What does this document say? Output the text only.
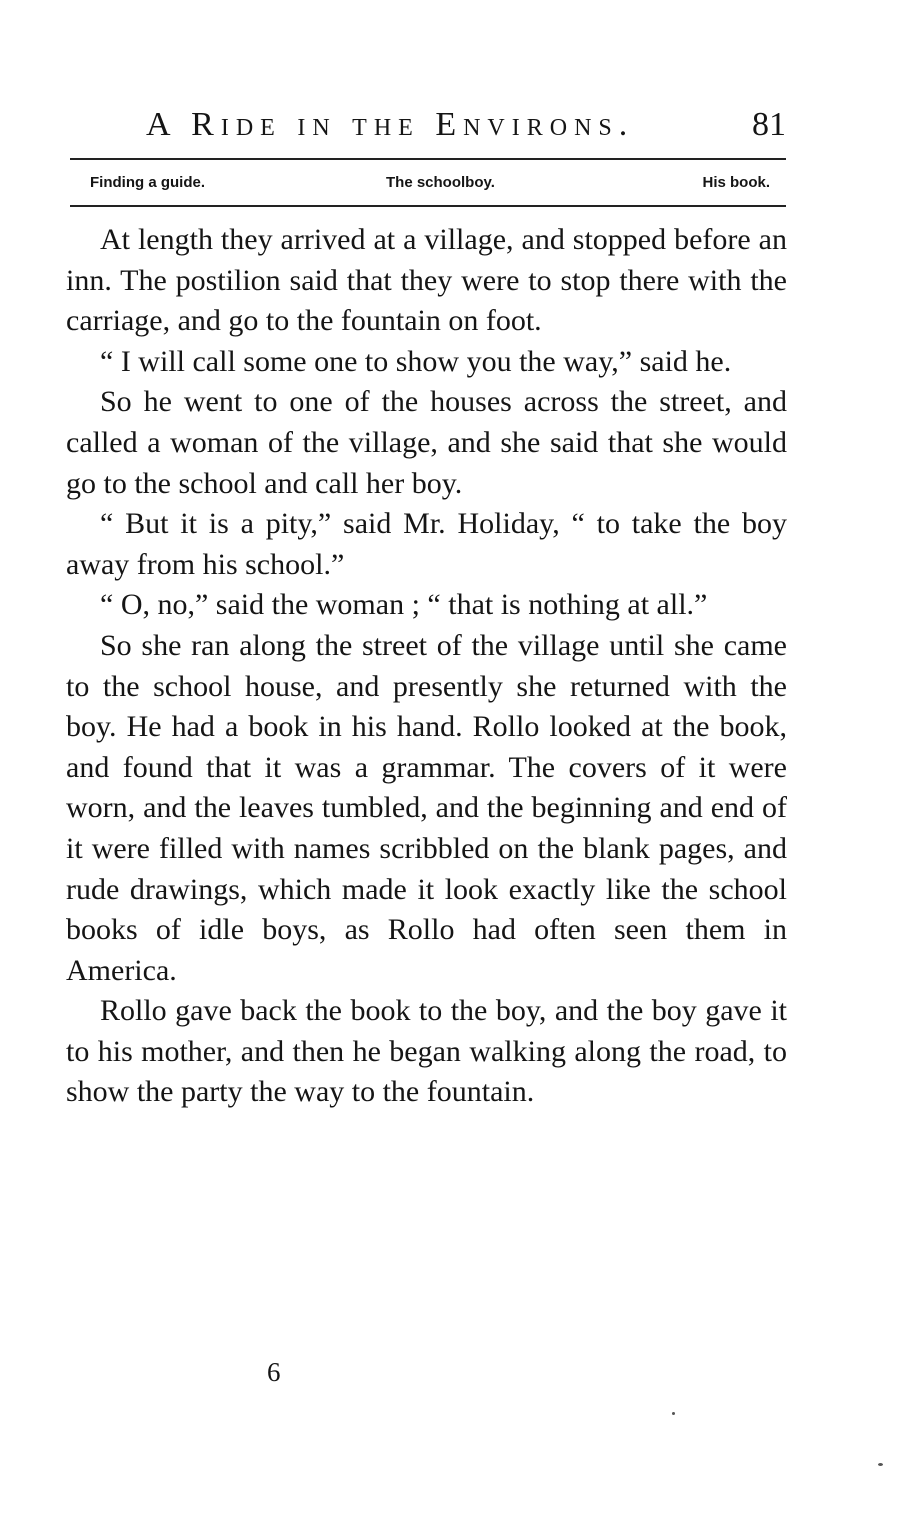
A Ride in the Environs.	81
Finding a guide.	The schoolboy.	His book.

At length they arrived at a village, and stopped before an inn. The postilion said that they were to stop there with the carriage, and go to the fountain on foot.

“ I will call some one to show you the way,” said he.

So he went to one of the houses across the street, and called a woman of the village, and she said that she would go to the school and call her boy.

“ But it is a pity,” said Mr. Holiday, “ to take the boy away from his school.”

“ O, no,” said the woman ; “ that is nothing at all.”

So she ran along the street of the village until she came to the school house, and presently she returned with the boy. He had a book in his hand. Rollo looked at the book, and found that it was a grammar. The covers of it were worn, and the leaves tumbled, and the beginning and end of it were filled with names scribbled on the blank pages, and rude drawings, which made it look exactly like the school books of idle boys, as Rollo had often seen them in America.

Rollo gave back the book to the boy, and the boy gave it to his mother, and then he began walking along the road, to show the party the way to the fountain.

6
